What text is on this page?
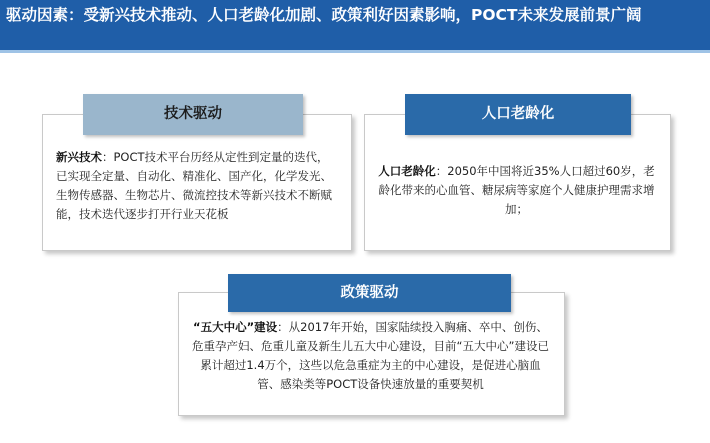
驱动因素：受新兴技术推动、人口老龄化加剧、政策利好因素影响，POCT未来发展前景广阔
新兴技术：POCT技术平台历经从定性到定量的迭代，已实现全定量、自动化、精准化、国产化，化学发光、生物传感器、生物芯片、微流控技术等新兴技术不断赋能，技术迭代逐步打开行业天花板
技术驱动
人口老龄化：2050年中国将近35%人口超过60岁，老龄化带来的心血管、糖尿病等家庭个人健康护理需求增加；
人口老龄化
“五大中心”建设：从2017年开始，国家陆续投入胸痛、卒中、创伤、危重孕产妇、危重儿童及新生儿五大中心建设，目前“五大中心”建设已累计超过1.4万个，这些以危急重症为主的中心建设，是促进心脑血管、感染类等POCT设备快速放量的重要契机
政策驱动
